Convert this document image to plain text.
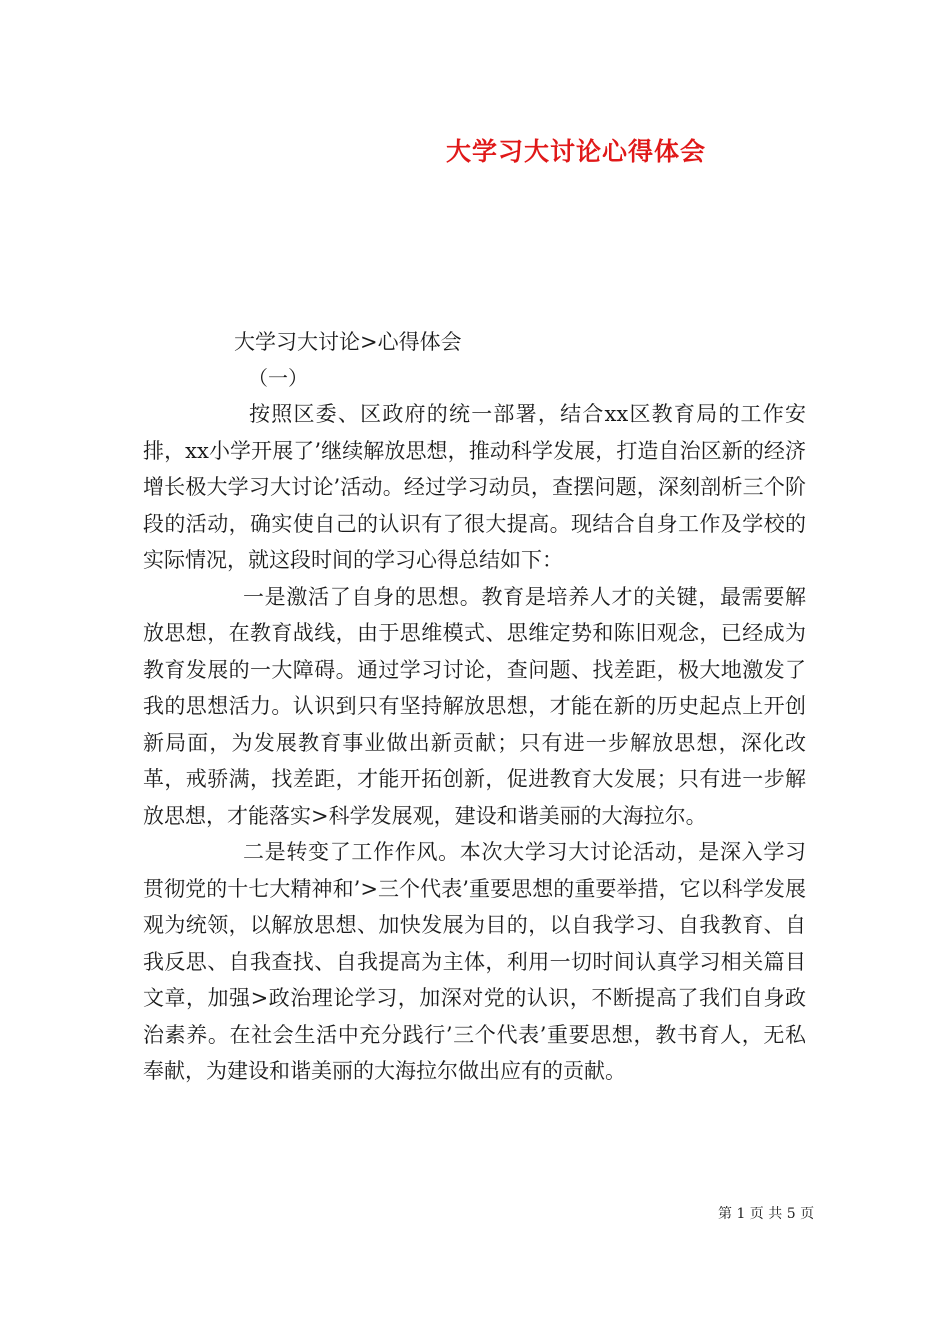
大学习大讨论心得体会
大学习大讨论>心得体会
（一）

按照区委、区政府的统一部署，结合xx区教育局的工作安排，xx小学开展了’继续解放思想，推动科学发展，打造自治区新的经济增长极大学习大讨论’活动。经过学习动员，查摆问题，深刻剖析三个阶段的活动，确实使自己的认识有了很大提高。现结合自身工作及学校的实际情况，就这段时间的学习心得总结如下：

一是激活了自身的思想。教育是培养人才的关键，最需要解放思想，在教育战线，由于思维模式、思维定势和陈旧观念，已经成为教育发展的一大障碍。通过学习讨论，查问题、找差距，极大地激发了我的思想活力。认识到只有坚持解放思想，才能在新的历史起点上开创新局面，为发展教育事业做出新贡献；只有进一步解放思想，深化改革，戒骄满，找差距，才能开拓创新，促进教育大发展；只有进一步解放思想，才能落实>科学发展观，建设和谐美丽的大海拉尔。

二是转变了工作作风。本次大学习大讨论活动，是深入学习贯彻党的十七大精神和’>三个代表’重要思想的重要举措，它以科学发展观为统领，以解放思想、加快发展为目的，以自我学习、自我教育、自我反思、自我查找、自我提高为主体，利用一切时间认真学习相关篇目文章，加强>政治理论学习，加深对党的认识，不断提高了我们自身政治素养。在社会生活中充分践行’三个代表’重要思想，教书育人，无私奉献，为建设和谐美丽的大海拉尔做出应有的贡献。

第 1 页 共 5 页
